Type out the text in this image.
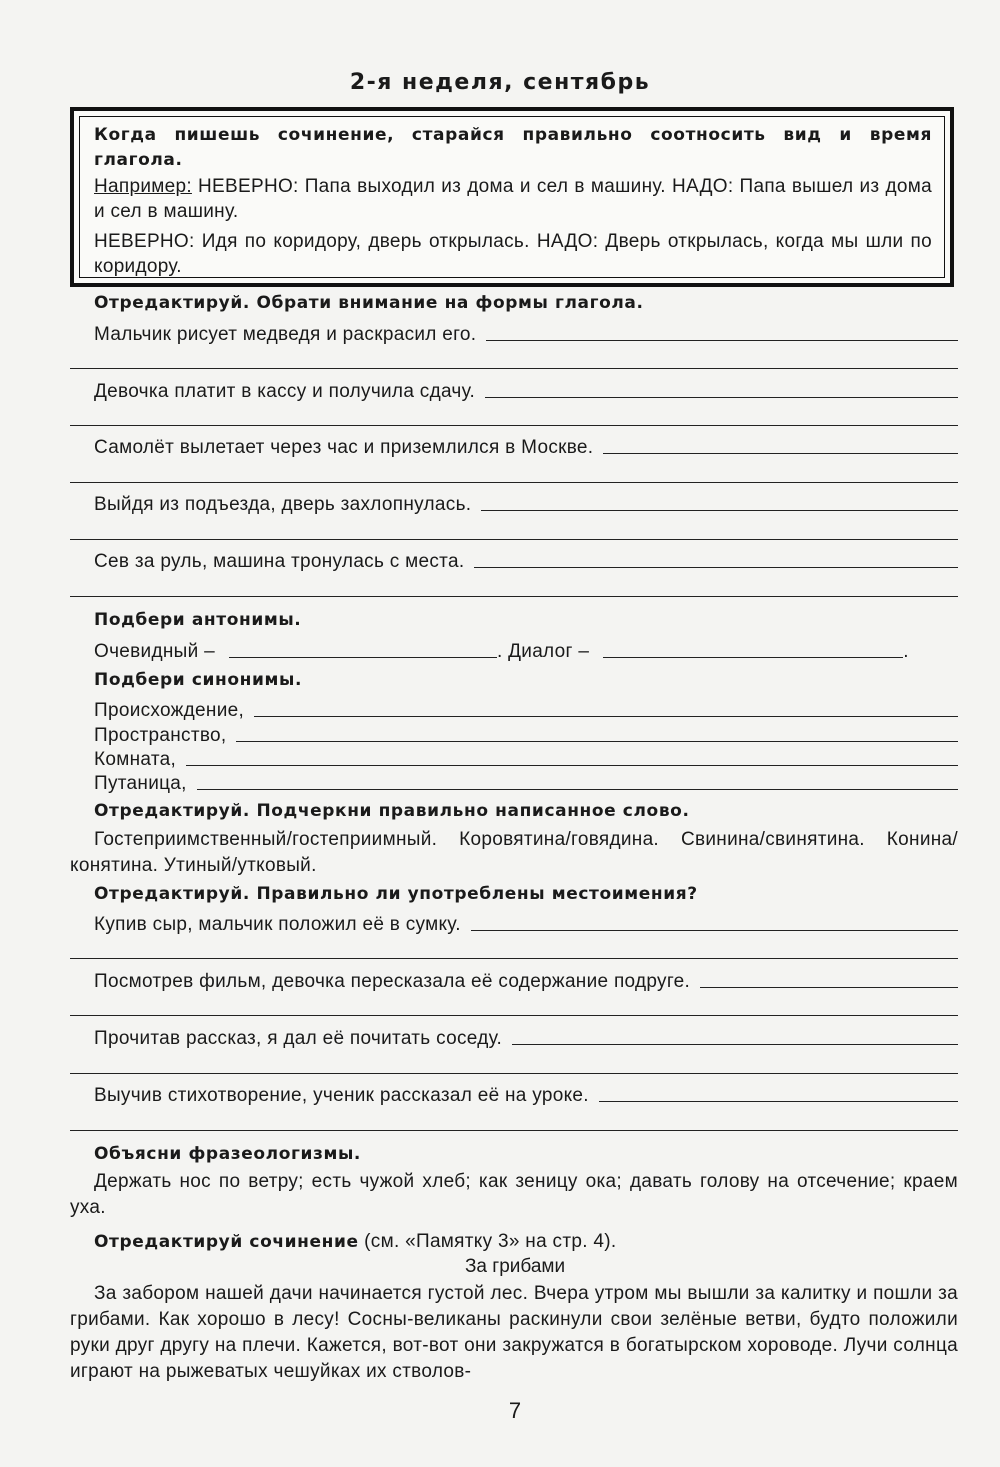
2-я неделя, сентябрь
Когда пишешь сочинение, старайся правильно соотносить вид и время глагола.
Например: НЕВЕРНО: Папа выходил из дома и сел в машину. НАДО: Папа вышел из дома и сел в машину.
НЕВЕРНО: Идя по коридору, дверь открылась. НАДО: Дверь открылась, когда мы шли по коридору.
Отредактируй. Обрати внимание на формы глагола.
Мальчик рисует медведя и раскрасил его.
Девочка платит в кассу и получила сдачу.
Самолёт вылетает через час и приземлился в Москве.
Выйдя из подъезда, дверь захлопнулась.
Сев за руль, машина тронулась с места.
Подбери антонимы.
Очевидный –	. Диалог –	.
Подбери синонимы.
Происхождение,
Пространство,
Комната,
Путаница,
Отредактируй. Подчеркни правильно написанное слово.
Гостеприимственный/гостеприимный. Коровятина/говядина. Свинина/свинятина. Конина/конятина. Утиный/утковый.
Отредактируй. Правильно ли употреблены местоимения?
Купив сыр, мальчик положил её в сумку.
Посмотрев фильм, девочка пересказала её содержание подруге.
Прочитав рассказ, я дал её почитать соседу.
Выучив стихотворение, ученик рассказал её на уроке.
Объясни фразеологизмы.
Держать нос по ветру; есть чужой хлеб; как зеницу ока; давать голову на отсечение; краем уха.
Отредактируй сочинение (см. «Памятку 3» на стр. 4).
За грибами
За забором нашей дачи начинается густой лес. Вчера утром мы вышли за калитку и пошли за грибами. Как хорошо в лесу! Сосны-великаны раскинули свои зелёные ветви, будто положили руки друг другу на плечи. Кажется, вот-вот они закружатся в богатырском хороводе. Лучи солнца играют на рыжеватых чешуйках их стволов-
7
